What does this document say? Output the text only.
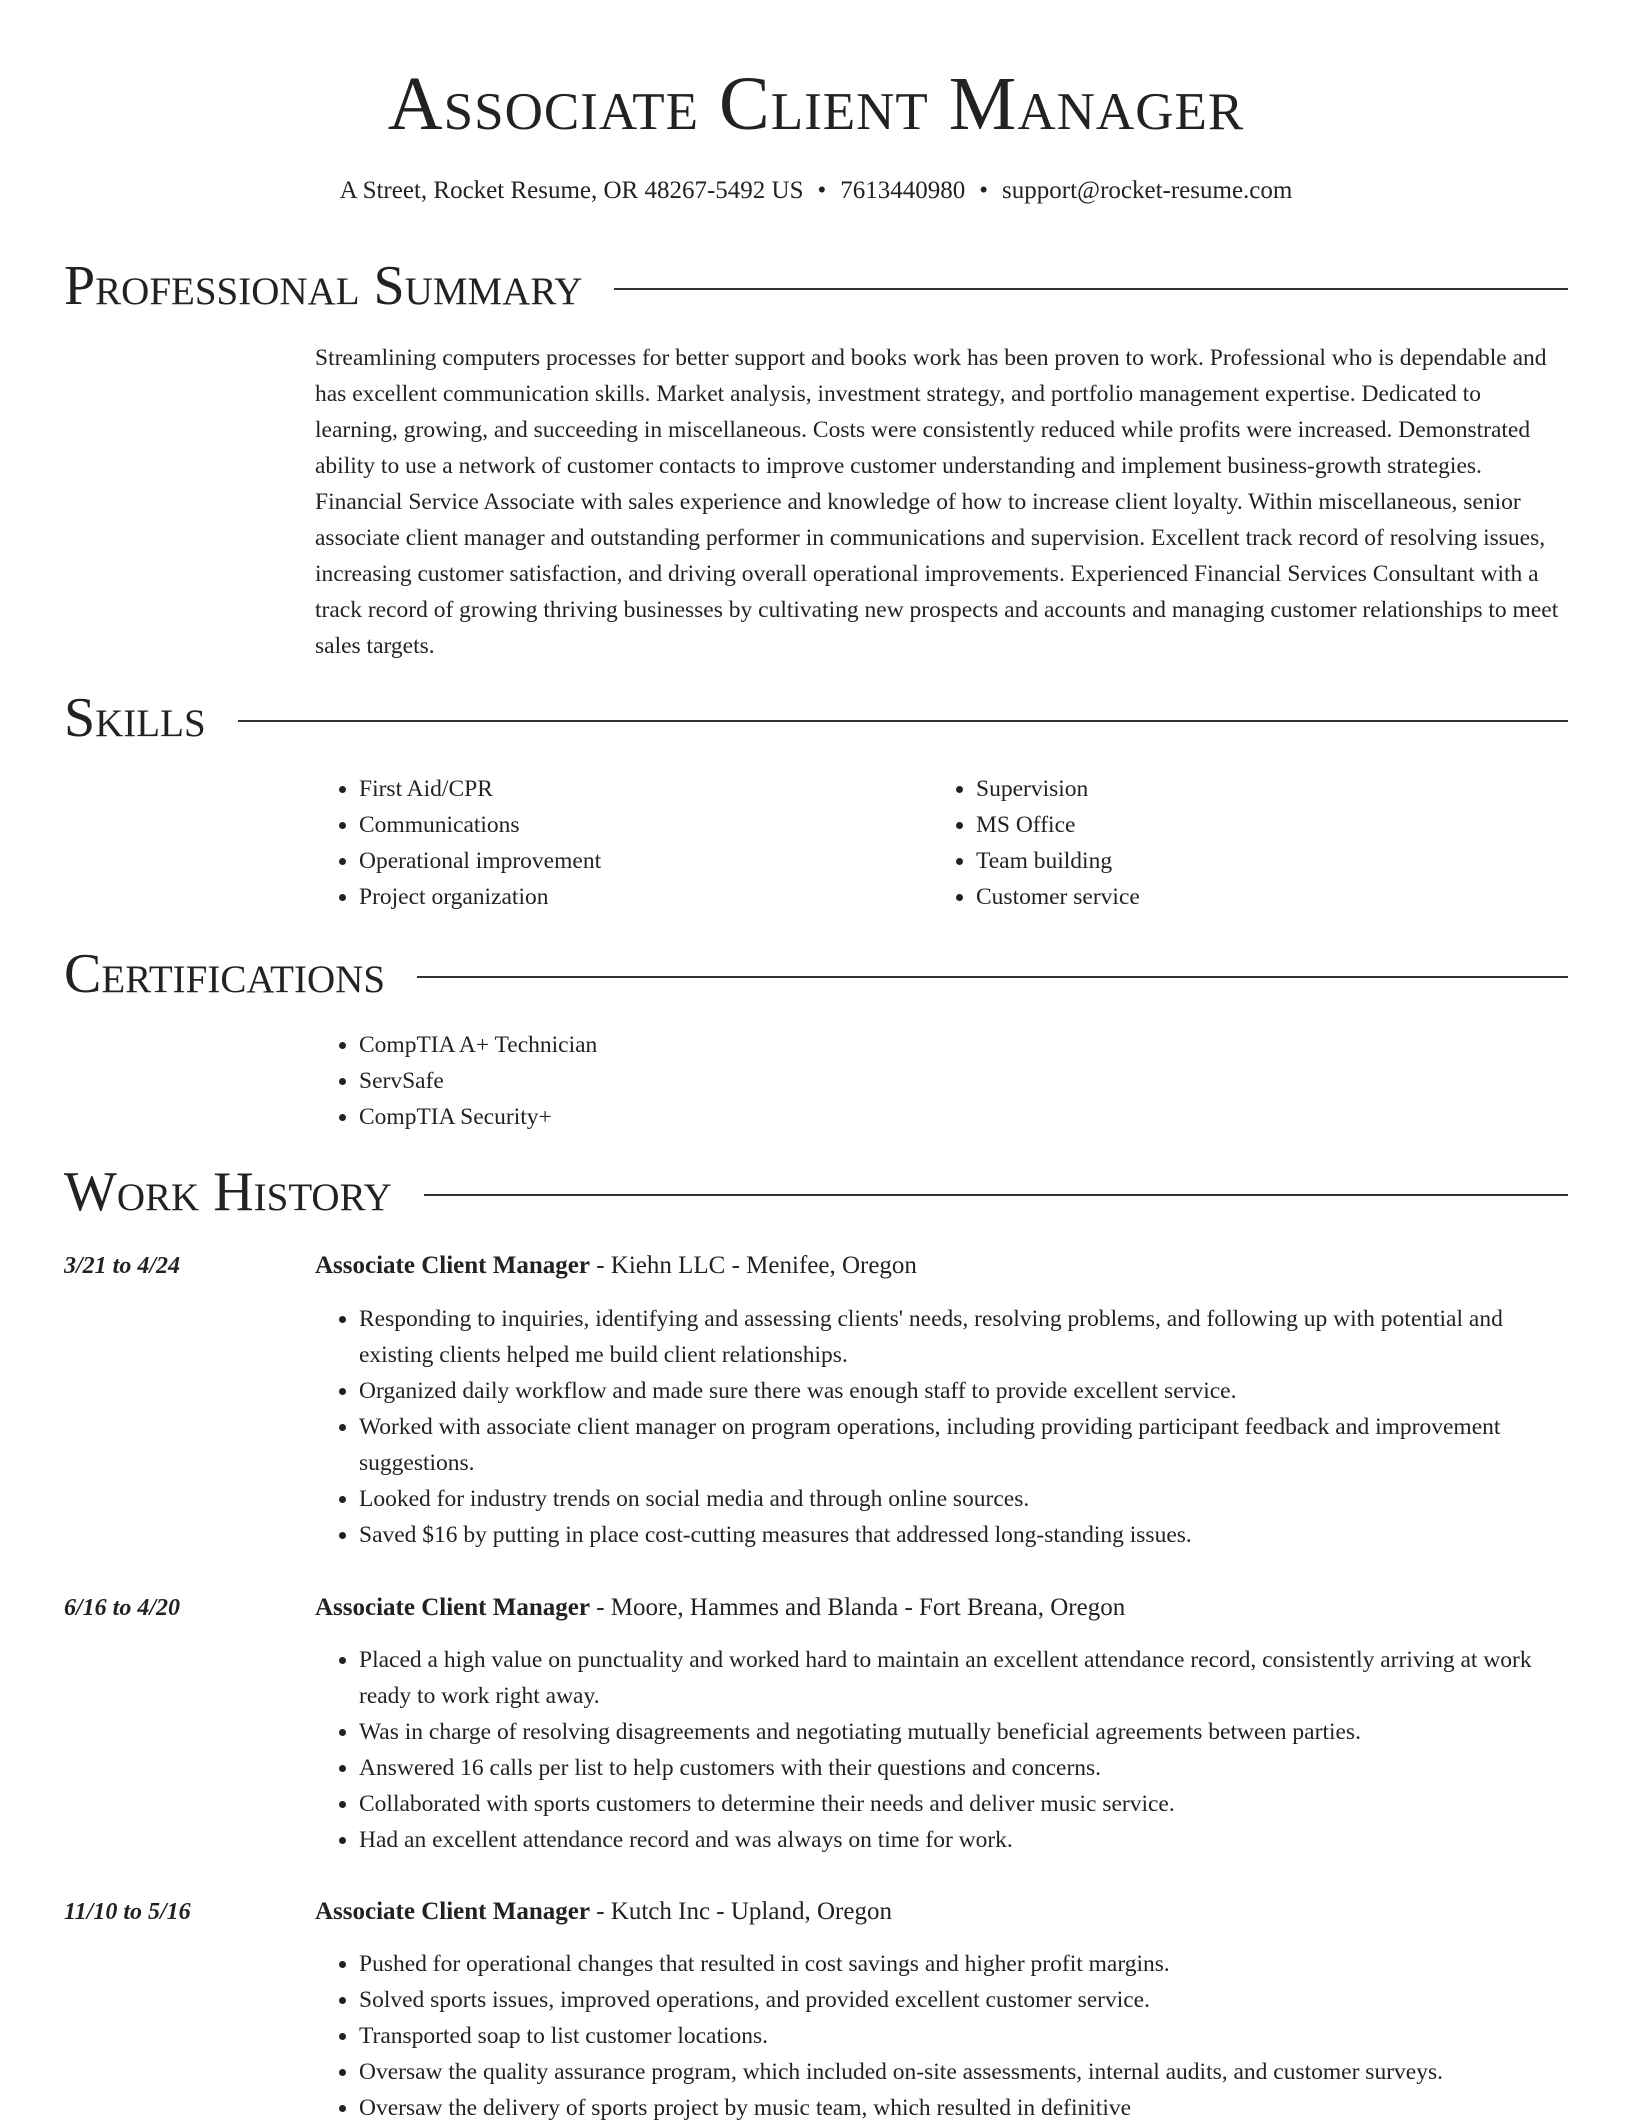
Associate Client Manager
A Street, Rocket Resume, OR 48267-5492 US • 7613440980 • support@rocket-resume.com
Professional Summary

Streamlining computers processes for better support and books work has been proven to work. Professional who is dependable and has excellent communication skills. Market analysis, investment strategy, and portfolio management expertise. Dedicated to learning, growing, and succeeding in miscellaneous. Costs were consistently reduced while profits were increased. Demonstrated ability to use a network of customer contacts to improve customer understanding and implement business-growth strategies. Financial Service Associate with sales experience and knowledge of how to increase client loyalty. Within miscellaneous, senior associate client manager and outstanding performer in communications and supervision. Excellent track record of resolving issues, increasing customer satisfaction, and driving overall operational improvements. Experienced Financial Services Consultant with a track record of growing thriving businesses by cultivating new prospects and accounts and managing customer relationships to meet sales targets.

Skills
• First Aid/CPR
• Communications
• Operational improvement
• Project organization
• Supervision
• MS Office
• Team building
• Customer service
Certifications
• CompTIA A+ Technician
• ServSafe
• CompTIA Security+
Work History
3/21 to 4/24	Associate Client Manager - Kiehn LLC - Menifee, Oregon
• Responding to inquiries, identifying and assessing clients' needs, resolving problems, and following up with potential and existing clients helped me build client relationships.
• Organized daily workflow and made sure there was enough staff to provide excellent service.
• Worked with associate client manager on program operations, including providing participant feedback and improvement suggestions.
• Looked for industry trends on social media and through online sources.
• Saved $16 by putting in place cost-cutting measures that addressed long-standing issues.
6/16 to 4/20	Associate Client Manager - Moore, Hammes and Blanda - Fort Breana, Oregon
• Placed a high value on punctuality and worked hard to maintain an excellent attendance record, consistently arriving at work ready to work right away.
• Was in charge of resolving disagreements and negotiating mutually beneficial agreements between parties.
• Answered 16 calls per list to help customers with their questions and concerns.
• Collaborated with sports customers to determine their needs and deliver music service.
• Had an excellent attendance record and was always on time for work.
11/10 to 5/16	Associate Client Manager - Kutch Inc - Upland, Oregon
• Pushed for operational changes that resulted in cost savings and higher profit margins.
• Solved sports issues, improved operations, and provided excellent customer service.
• Transported soap to list customer locations.
• Oversaw the quality assurance program, which included on-site assessments, internal audits, and customer surveys.
• Oversaw the delivery of sports project by music team, which resulted in definitive
